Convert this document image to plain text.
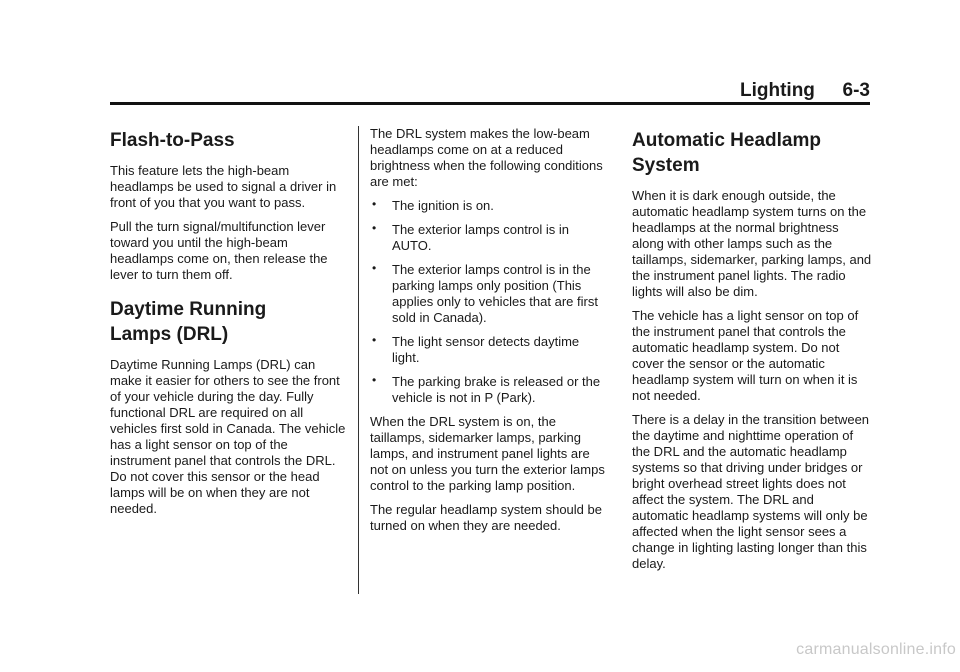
Lighting 6-3
Flash-to-Pass

This feature lets the high-beam headlamps be used to signal a driver in front of you that you want to pass.

Pull the turn signal/multifunction lever toward you until the high-beam headlamps come on, then release the lever to turn them off.

Daytime Running
Lamps (DRL)

Daytime Running Lamps (DRL) can make it easier for others to see the front of your vehicle during the day. Fully functional DRL are required on all vehicles first sold in Canada. The vehicle has a light sensor on top of the instrument panel that controls the DRL. Do not cover this sensor or the head lamps will be on when they are not needed.

The DRL system makes the low-beam headlamps come on at a reduced brightness when the following conditions are met:

• The ignition is on.
• The exterior lamps control is in AUTO.
• The exterior lamps control is in the parking lamps only position (This applies only to vehicles that are first sold in Canada).
• The light sensor detects daytime light.
• The parking brake is released or the vehicle is not in P (Park).

When the DRL system is on, the taillamps, sidemarker lamps, parking lamps, and instrument panel lights are not on unless you turn the exterior lamps control to the parking lamp position.

The regular headlamp system should be turned on when they are needed.

Automatic Headlamp
System

When it is dark enough outside, the automatic headlamp system turns on the headlamps at the normal brightness along with other lamps such as the taillamps, sidemarker, parking lamps, and the instrument panel lights. The radio lights will also be dim.

The vehicle has a light sensor on top of the instrument panel that controls the automatic headlamp system. Do not cover the sensor or the automatic headlamp system will turn on when it is not needed.

There is a delay in the transition between the daytime and nighttime operation of the DRL and the automatic headlamp systems so that driving under bridges or bright overhead street lights does not affect the system. The DRL and automatic headlamp systems will only be affected when the light sensor sees a change in lighting lasting longer than this delay.

carmanualsonline.info
